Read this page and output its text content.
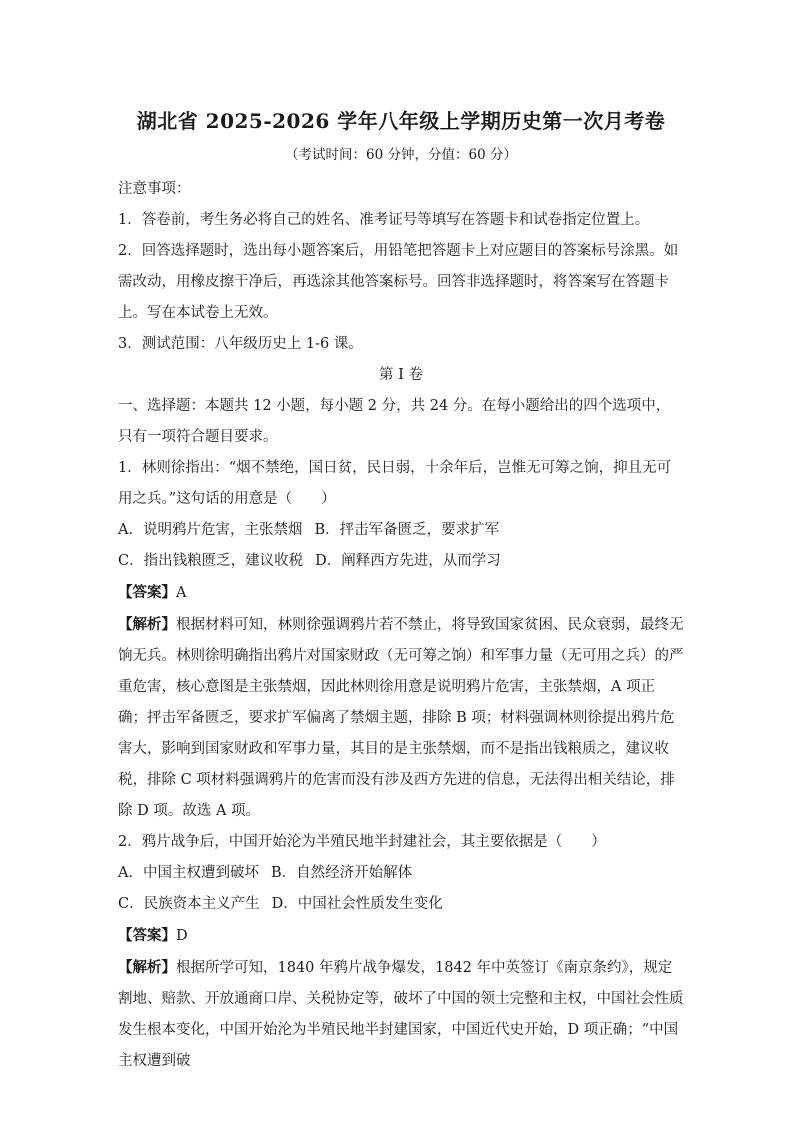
湖北省 2025-2026 学年八年级上学期历史第一次月考卷
（考试时间：60 分钟，分值：60 分）

注意事项：

1．答卷前，考生务必将自己的姓名、准考证号等填写在答题卡和试卷指定位置上。

2．回答选择题时，选出每小题答案后，用铅笔把答题卡上对应题目的答案标号涂黑。如需改动，用橡皮擦干净后，再选涂其他答案标号。回答非选择题时，将答案写在答题卡上。写在本试卷上无效。

3．测试范围：八年级历史上 1-6 课。

第 I 卷

一、选择题：本题共 12 小题，每小题 2 分，共 24 分。在每小题给出的四个选项中，只有一项符合题目要求。

1．林则徐指出：“烟不禁绝，国日贫，民日弱，十余年后，岂惟无可筹之饷，抑且无可用之兵。”这句话的用意是（　　）

A．说明鸦片危害，主张禁烟 B．抨击军备匮乏，要求扩军

C．指出钱粮匮乏，建议收税 D．阐释西方先进，从而学习

【答案】A

【解析】根据材料可知，林则徐强调鸦片若不禁止，将导致国家贫困、民众衰弱，最终无饷无兵。林则徐明确指出鸦片对国家财政（无可筹之饷）和军事力量（无可用之兵）的严重危害，核心意图是主张禁烟，因此林则徐用意是说明鸦片危害，主张禁烟，A 项正确；抨击军备匮乏，要求扩军偏离了禁烟主题，排除 B 项；材料强调林则徐提出鸦片危害大，影响到国家财政和军事力量，其目的是主张禁烟，而不是指出钱粮质之，建议收税，排除 C 项材料强调鸦片的危害而没有涉及西方先进的信息，无法得出相关结论，排除 D 项。故选 A 项。

2．鸦片战争后，中国开始沦为半殖民地半封建社会，其主要依据是（　　）

A．中国主权遭到破坏 B．自然经济开始解体

C．民族资本主义产生 D．中国社会性质发生变化

【答案】D

【解析】根据所学可知，1840 年鸦片战争爆发，1842 年中英签订《南京条约》，规定割地、赔款、开放通商口岸、关税协定等，破坏了中国的领土完整和主权，中国社会性质发生根本变化，中国开始沦为半殖民地半封建国家，中国近代史开始，D 项正确；“中国主权遭到破
